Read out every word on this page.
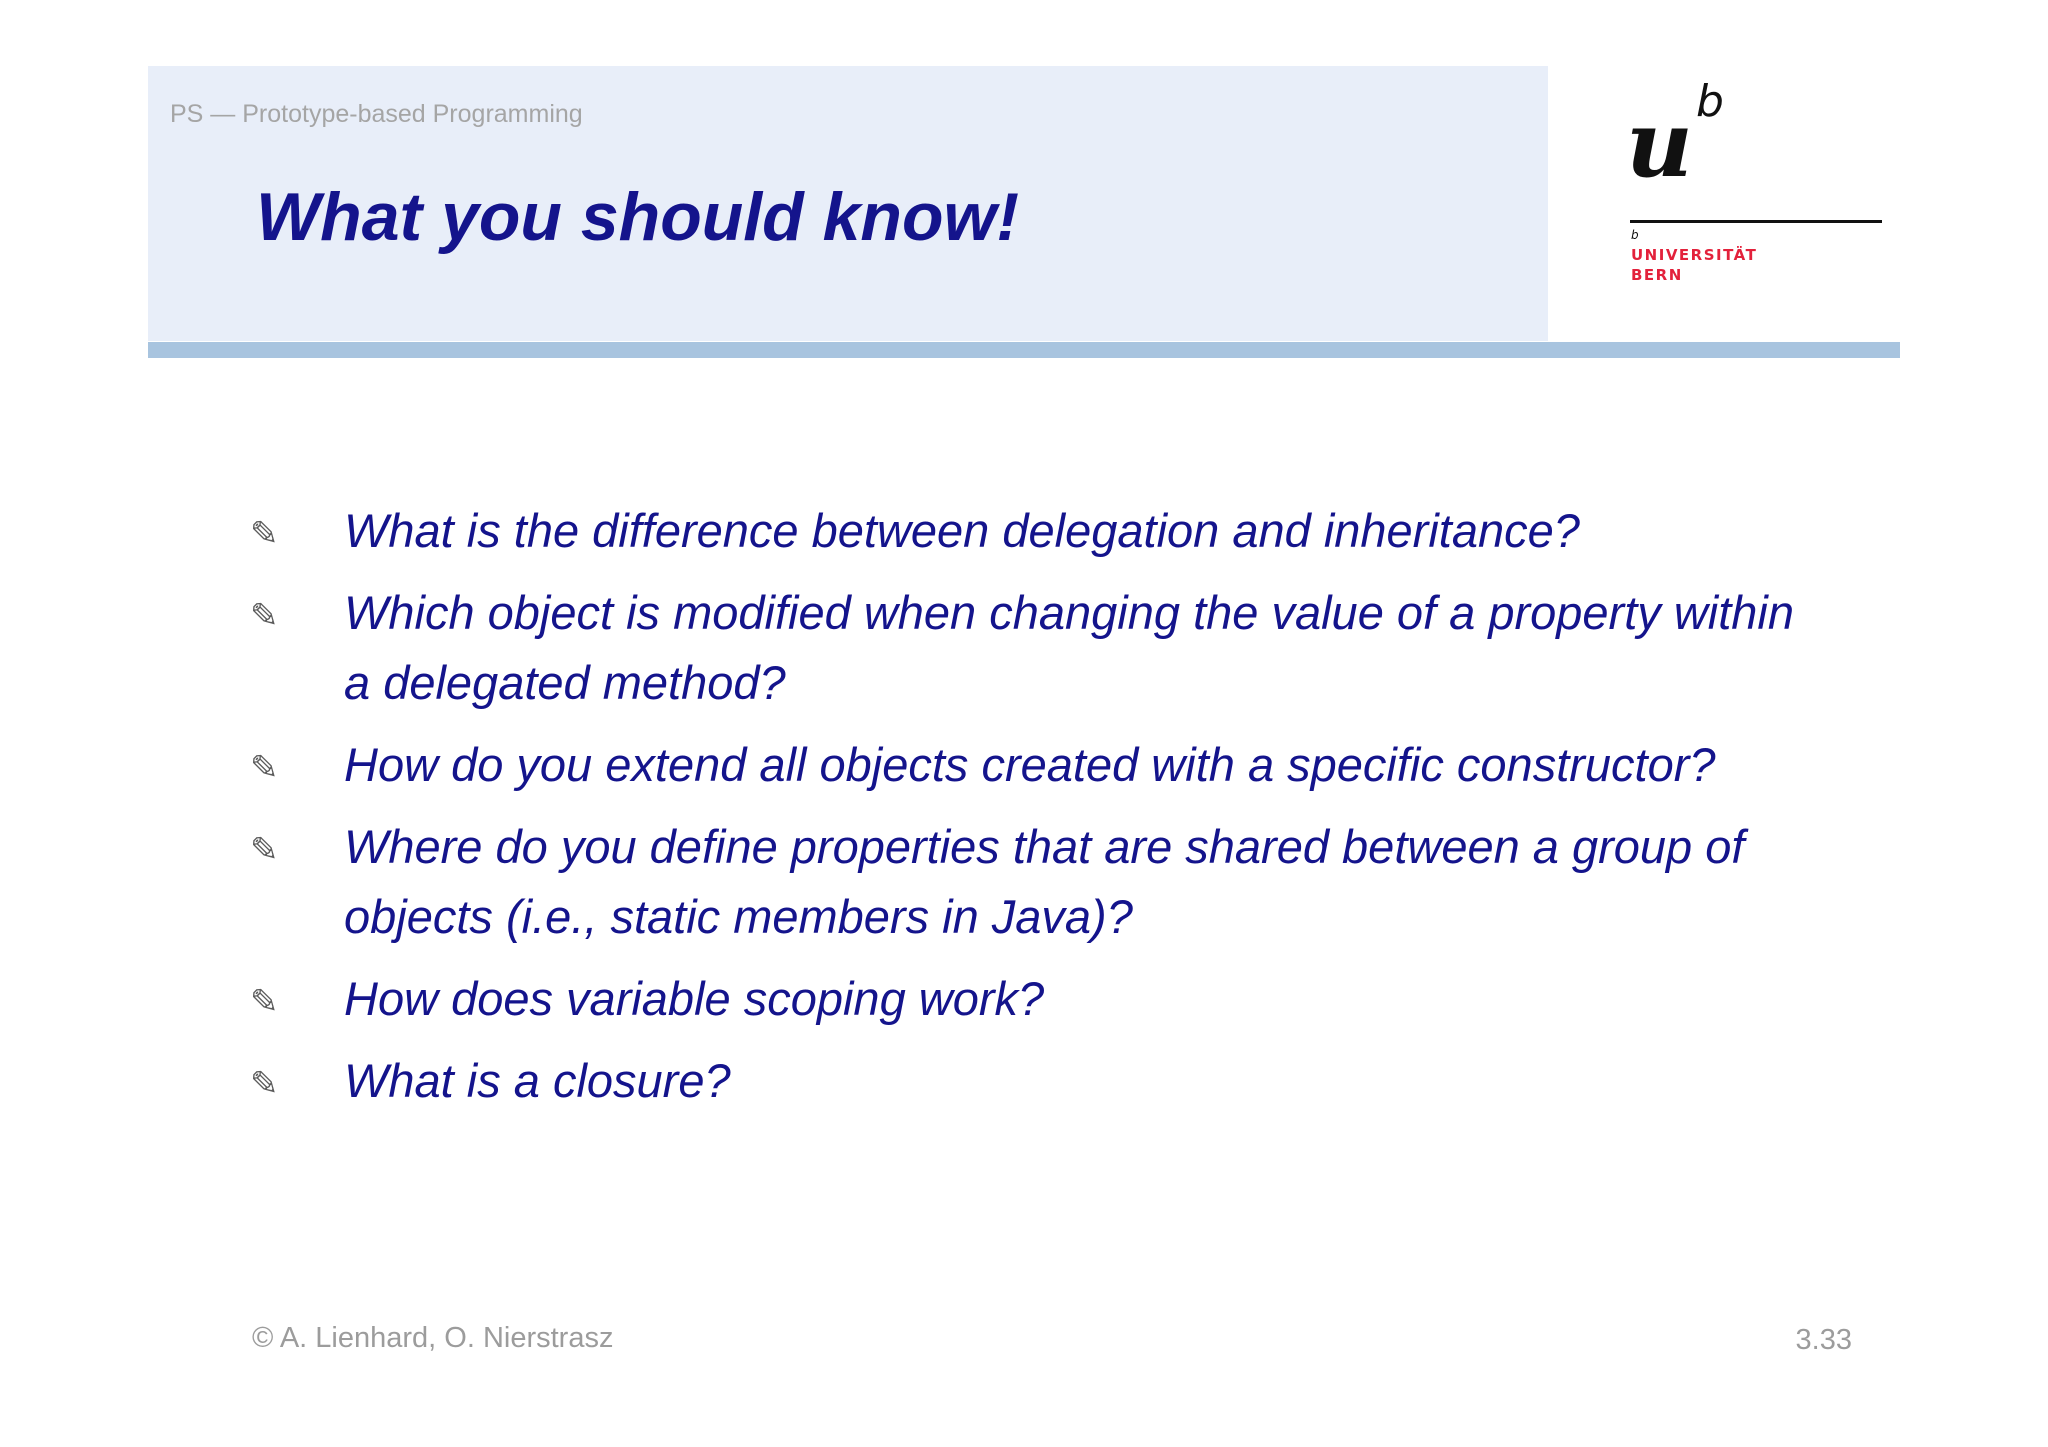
PS — Prototype-based Programming
What you should know!
u b
b
UNIVERSITÄT
BERN
✎ What is the difference between delegation and inheritance?
✎ Which object is modified when changing the value of a property within a delegated method?
✎ How do you extend all objects created with a specific constructor?
✎ Where do you define properties that are shared between a group of objects (i.e., static members in Java)?
✎ How does variable scoping work?
✎ What is a closure?
© A. Lienhard, O. Nierstrasz	3.33
